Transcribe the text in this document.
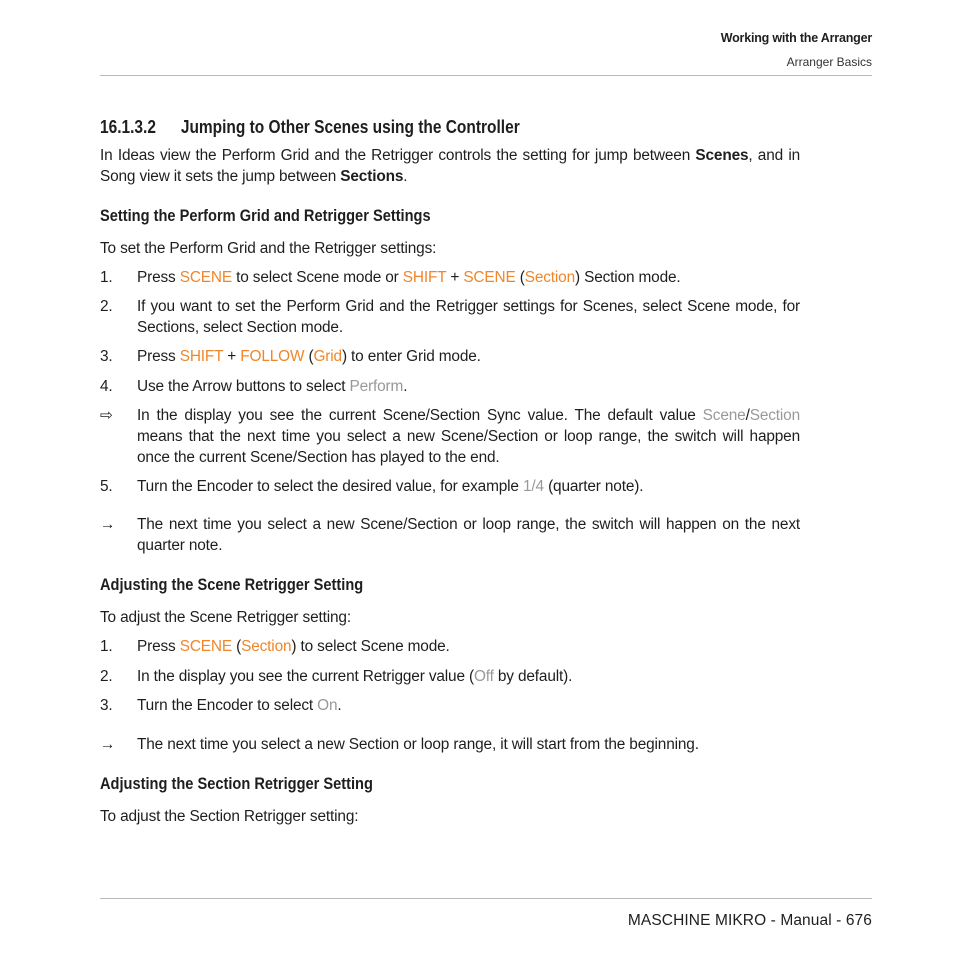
Working with the Arranger
Arranger Basics
16.1.3.2 Jumping to Other Scenes using the Controller
In Ideas view the Perform Grid and the Retrigger controls the setting for jump between Scenes, and in Song view it sets the jump between Sections.
Setting the Perform Grid and Retrigger Settings
To set the Perform Grid and the Retrigger settings:
1.	Press SCENE to select Scene mode or SHIFT + SCENE (Section) Section mode.
2.	If you want to set the Perform Grid and the Retrigger settings for Scenes, select Scene mode, for Sections, select Section mode.
3.	Press SHIFT + FOLLOW (Grid) to enter Grid mode.
4.	Use the Arrow buttons to select Perform.
⇨	In the display you see the current Scene/Section Sync value. The default value Scene/Section means that the next time you select a new Scene/Section or loop range, the switch will happen once the current Scene/Section has played to the end.
5.	Turn the Encoder to select the desired value, for example 1/4 (quarter note).
→	The next time you select a new Scene/Section or loop range, the switch will happen on the next quarter note.
Adjusting the Scene Retrigger Setting
To adjust the Scene Retrigger setting:
1.	Press SCENE (Section) to select Scene mode.
2.	In the display you see the current Retrigger value (Off by default).
3.	Turn the Encoder to select On.
→	The next time you select a new Section or loop range, it will start from the beginning.
Adjusting the Section Retrigger Setting
To adjust the Section Retrigger setting:
MASCHINE MIKRO - Manual - 676
